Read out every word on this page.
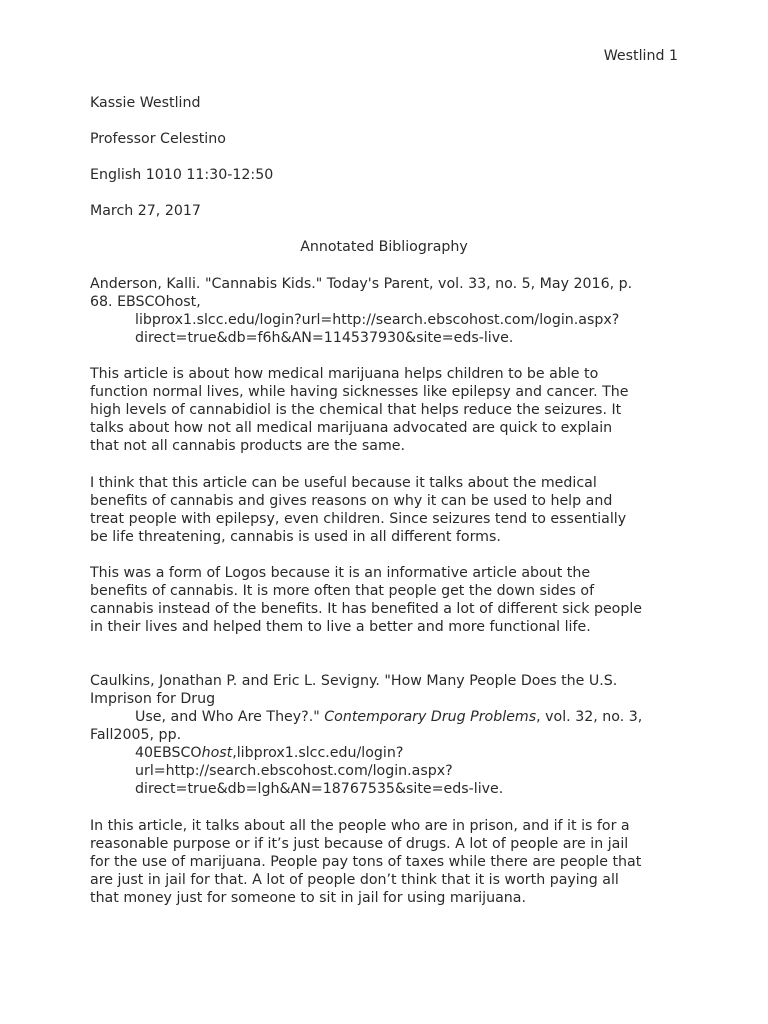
Westlind 1

Kassie Westlind

Professor Celestino

English 1010 11:30-12:50

March 27, 2017

Annotated Bibliography

Anderson, Kalli. "Cannabis Kids." Today's Parent, vol. 33, no. 5, May 2016, p.

68. EBSCOhost,

libprox1.slcc.edu/login?url=http://search.ebscohost.com/login.aspx?

direct=true&db=f6h&AN=114537930&site=eds-live.

This article is about how medical marijuana helps children to be able to

function normal lives, while having sicknesses like epilepsy and cancer. The

high levels of cannabidiol is the chemical that helps reduce the seizures. It

talks about how not all medical marijuana advocated are quick to explain

that not all cannabis products are the same.

I think that this article can be useful because it talks about the medical

benefits of cannabis and gives reasons on why it can be used to help and

treat people with epilepsy, even children. Since seizures tend to essentially

be life threatening, cannabis is used in all different forms.

This was a form of Logos because it is an informative article about the

benefits of cannabis. It is more often that people get the down sides of

cannabis instead of the benefits. It has benefited a lot of different sick people

in their lives and helped them to live a better and more functional life.

Caulkins, Jonathan P. and Eric L. Sevigny. "How Many People Does the U.S.

Imprison for Drug

Use, and Who Are They?." Contemporary Drug Problems, vol. 32, no. 3,

Fall2005, pp.

40EBSCOhost,libprox1.slcc.edu/login?

url=http://search.ebscohost.com/login.aspx?

direct=true&db=lgh&AN=18767535&site=eds-live.

In this article, it talks about all the people who are in prison, and if it is for a

reasonable purpose or if it’s just because of drugs. A lot of people are in jail

for the use of marijuana. People pay tons of taxes while there are people that

are just in jail for that. A lot of people don’t think that it is worth paying all

that money just for someone to sit in jail for using marijuana.
